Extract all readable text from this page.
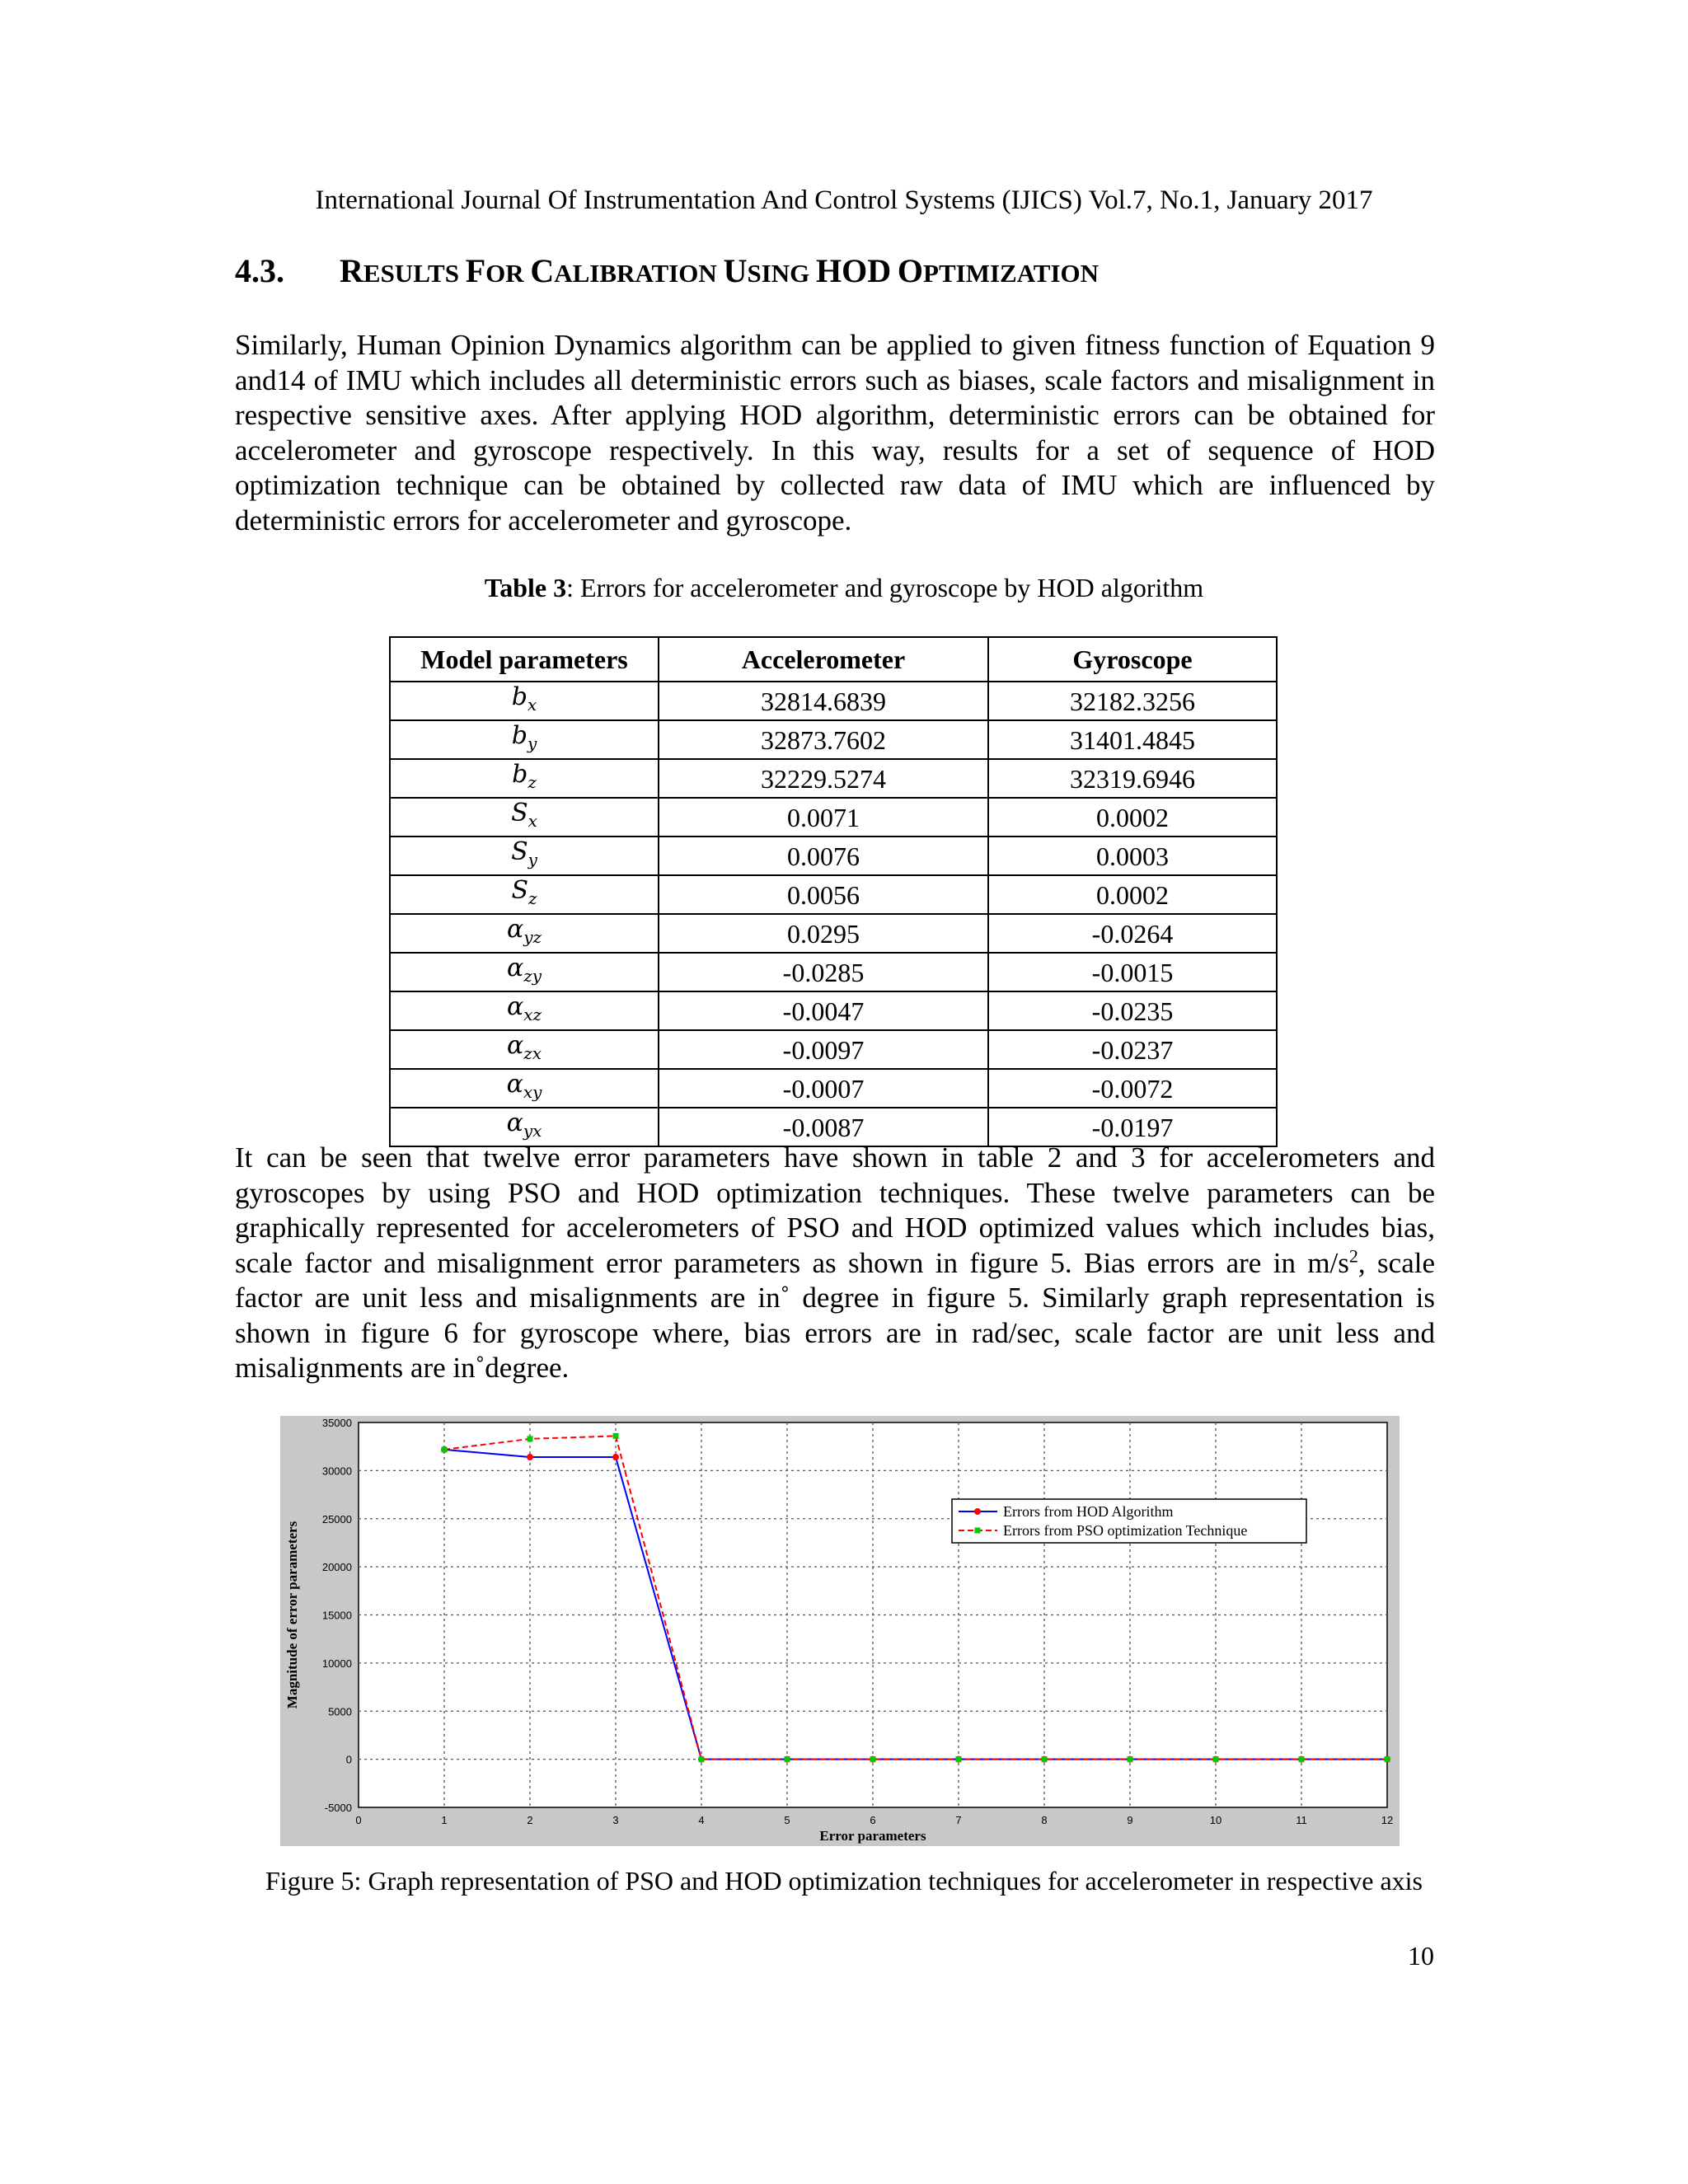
International Journal Of Instrumentation And Control Systems (IJICS) Vol.7, No.1, January 2017
4.3. RESULTS FOR CALIBRATION USING HOD OPTIMIZATION
Similarly, Human Opinion Dynamics algorithm can be applied to given fitness function of Equation 9 and14 of IMU which includes all deterministic errors such as biases, scale factors and misalignment in respective sensitive axes. After applying HOD algorithm, deterministic errors can be obtained for accelerometer and gyroscope respectively. In this way, results for a set of sequence of HOD optimization technique can be obtained by collected raw data of IMU which are influenced by deterministic errors for accelerometer and gyroscope.
Table 3: Errors for accelerometer and gyroscope by HOD algorithm
Model parameters	Accelerometer	Gyroscope
$b_x$	32814.6839	32182.3256
$b_y$	32873.7602	31401.4845
$b_z$	32229.5274	32319.6946
$S_x$	0.0071	0.0002
$S_y$	0.0076	0.0003
$S_z$	0.0056	0.0002
$\alpha_{yz}$	0.0295	-0.0264
$\alpha_{zy}$	-0.0285	-0.0015
$\alpha_{xz}$	-0.0047	-0.0235
$\alpha_{zx}$	-0.0097	-0.0237
$\alpha_{xy}$	-0.0007	-0.0072
$\alpha_{yx}$	-0.0087	-0.0197
It can be seen that twelve error parameters have shown in table 2 and 3 for accelerometers and gyroscopes by using PSO and HOD optimization techniques. These twelve parameters can be graphically represented for accelerometers of PSO and HOD optimized values which includes bias, scale factor and misalignment error parameters as shown in figure 5. Bias errors are in $m/s^2$, scale factor are unit less and misalignments are in˚ degree in figure 5. Similarly graph representation is shown in figure 6 for gyroscope where, bias errors are in rad/sec, scale factor are unit less and misalignments are in˚degree.
0	1	2	3	4	5	6	7	8	9	10	11	12
-5000
0
5000
10000
15000
20000
25000
30000
35000
Error parameters
Magnitude of error parameters
Errors from HOD Algorithm
Errors from PSO optimization Technique
Figure 5: Graph representation of PSO and HOD optimization techniques for accelerometer in respective axis
10
